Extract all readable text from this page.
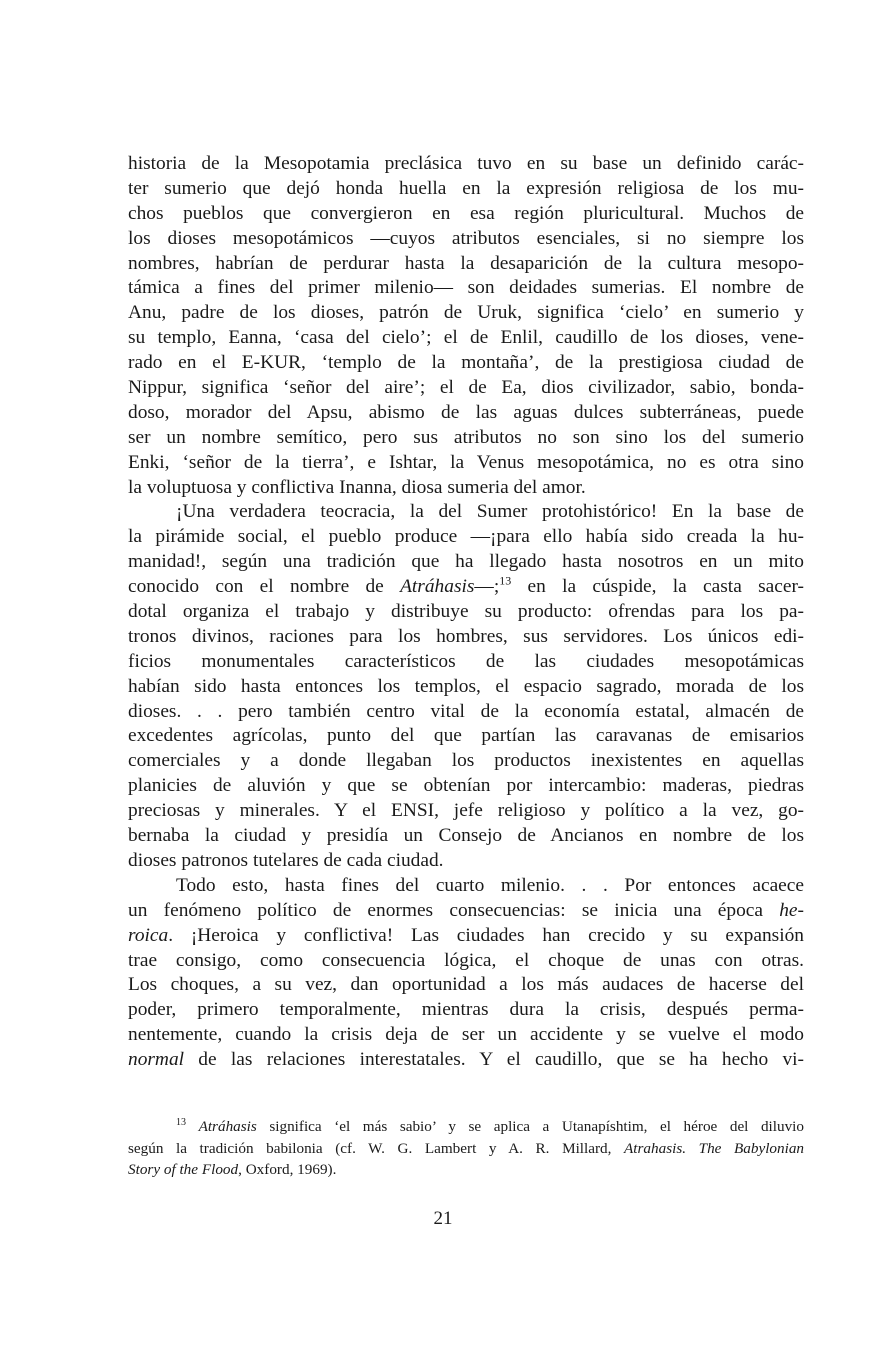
historia de la Mesopotamia preclásica tuvo en su base un definido carác-
ter sumerio que dejó honda huella en la expresión religiosa de los mu-
chos pueblos que convergieron en esa región pluricultural. Muchos de
los dioses mesopotámicos —cuyos atributos esenciales, si no siempre los
nombres, habrían de perdurar hasta la desaparición de la cultura mesopo-
támica a fines del primer milenio— son deidades sumerias. El nombre de
Anu, padre de los dioses, patrón de Uruk, significa ‘cielo’ en sumerio y
su templo, Eanna, ‘casa del cielo’; el de Enlil, caudillo de los dioses, vene-
rado en el E-KUR, ‘templo de la montaña’, de la prestigiosa ciudad de
Nippur, significa ‘señor del aire’; el de Ea, dios civilizador, sabio, bonda-
doso, morador del Apsu, abismo de las aguas dulces subterráneas, puede
ser un nombre semítico, pero sus atributos no son sino los del sumerio
Enki, ‘señor de la tierra’, e Ishtar, la Venus mesopotámica, no es otra sino
la voluptuosa y conflictiva Inanna, diosa sumeria del amor.
¡Una verdadera teocracia, la del Sumer protohistórico! En la base de
la pirámide social, el pueblo produce —¡para ello había sido creada la hu-
manidad!, según una tradición que ha llegado hasta nosotros en un mito
conocido con el nombre de Atráhasis—;$^{13}$ en la cúspide, la casta sacer-
dotal organiza el trabajo y distribuye su producto: ofrendas para los pa-
tronos divinos, raciones para los hombres, sus servidores. Los únicos edi-
ficios monumentales característicos de las ciudades mesopotámicas
habían sido hasta entonces los templos, el espacio sagrado, morada de los
dioses. . . pero también centro vital de la economía estatal, almacén de
excedentes agrícolas, punto del que partían las caravanas de emisarios
comerciales y a donde llegaban los productos inexistentes en aquellas
planicies de aluvión y que se obtenían por intercambio: maderas, piedras
preciosas y minerales. Y el ENSI, jefe religioso y político a la vez, go-
bernaba la ciudad y presidía un Consejo de Ancianos en nombre de los
dioses patronos tutelares de cada ciudad.
Todo esto, hasta fines del cuarto milenio. . . Por entonces acaece
un fenómeno político de enormes consecuencias: se inicia una época he-
roica. ¡Heroica y conflictiva! Las ciudades han crecido y su expansión
trae consigo, como consecuencia lógica, el choque de unas con otras.
Los choques, a su vez, dan oportunidad a los más audaces de hacerse del
poder, primero temporalmente, mientras dura la crisis, después perma-
nentemente, cuando la crisis deja de ser un accidente y se vuelve el modo
normal de las relaciones interestatales. Y el caudillo, que se ha hecho vi-
$^{13}$ Atráhasis significa ‘el más sabio’ y se aplica a Utanapíshtim, el héroe del diluvio
según la tradición babilonia (cf. W. G. Lambert y A. R. Millard, Atrahasis. The Babylonian
Story of the Flood, Oxford, 1969).
21
